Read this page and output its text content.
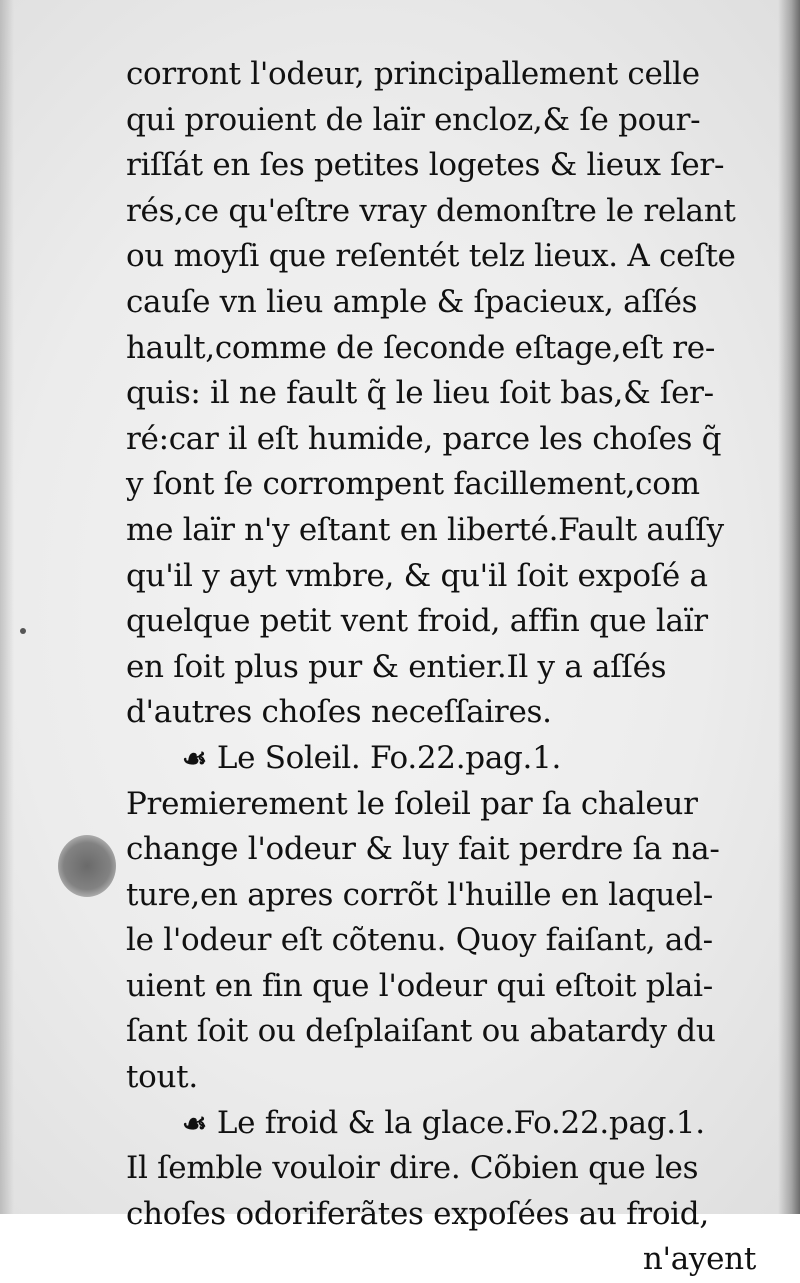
corront l'odeur, principallement celle
qui prouient de laïr encloz,& ſe pour-
riſſát en ſes petites logetes & lieux ſer-
rés,ce qu'eſtre vray demonſtre le relant
ou moyſi que reſentét telz lieux. A ceſte
cauſe vn lieu ample & ſpacieux, aſſés
hault,comme de ſeconde eſtage,eſt re-
quis: il ne fault q̃ le lieu ſoit bas,& ſer-
ré:car il eſt humide, parce les choſes q̃
y ſont ſe corrompent facillement,com
me laïr n'y eſtant en liberté.Fault auſſy
qu'il y ayt vmbre, & qu'il ſoit expoſé a
quelque petit vent froid, affin que laïr
en ſoit plus pur & entier.Il y a aſſés
d'autres choſes neceſſaires.
☙ Le Soleil. Fo.22.pag.1.
Premierement le ſoleil par ſa chaleur
change l'odeur & luy fait perdre ſa na-
ture,en apres corrõt l'huille en laquel-
le l'odeur eſt cõtenu. Quoy faiſant, ad-
uient en fin que l'odeur qui eſtoit plai-
ſant ſoit ou deſplaiſant ou abatardy du
tout.
☙ Le froid & la glace.Fo.22.pag.1.
Il ſemble vouloir dire. Cõbien que les
choſes odoriferãtes expoſées au froid,
n'ayent
